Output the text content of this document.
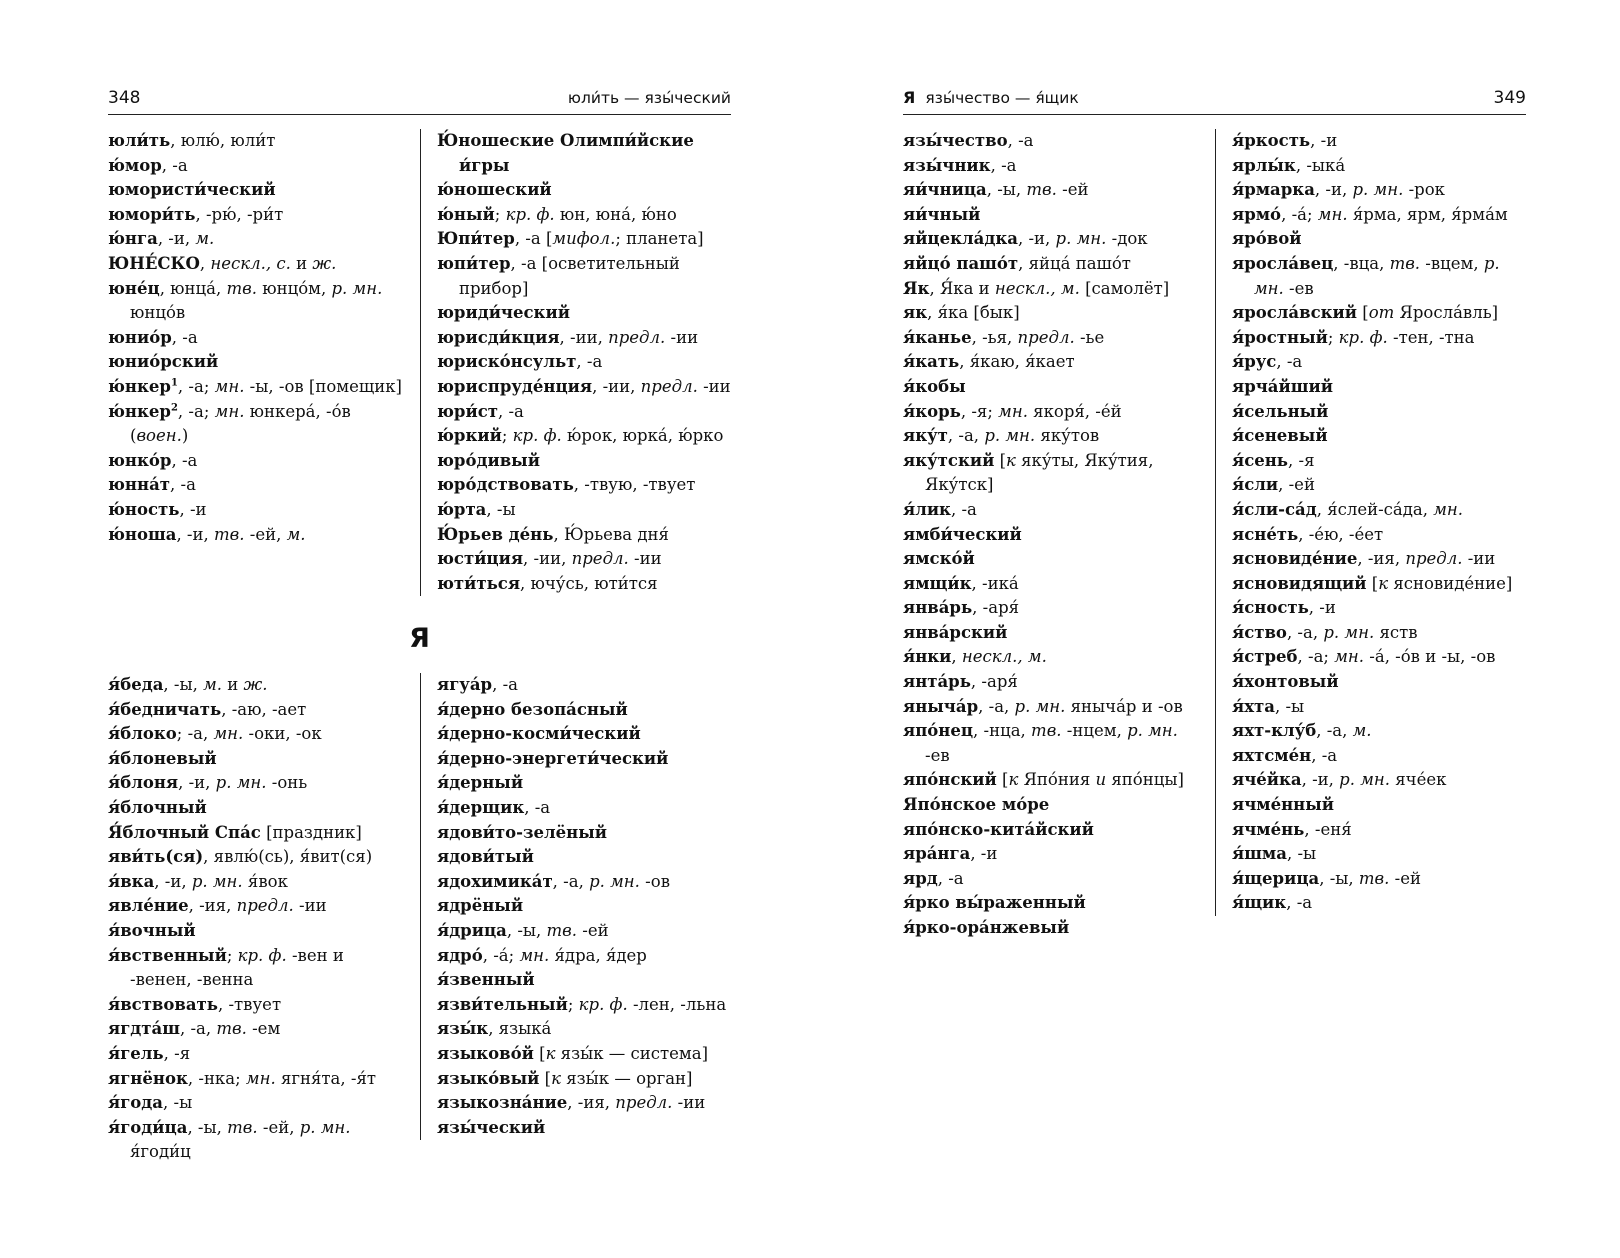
348	юли́ть — язы́ческий
юли́ть, юлю́, юли́т
ю́мор, -а
юмористи́ческий
юмори́ть, -рю́, -ри́т
ю́нга, -и, м.
ЮНЕ́СКО, нескл., с. и ж.
юне́ц, юнца́, тв. юнцо́м, р. мн. юнцо́в
юнио́р, -а
юнио́рский
ю́нкер$^1$, -а; мн. -ы, -ов [помещик]
ю́нкер$^2$, -а; мн. юнкера́, -о́в (воен.)
юнко́р, -а
юнна́т, -а
ю́ность, -и
ю́ноша, -и, тв. -ей, м.
Ю́ношеские Олимпи́йские и́гры
ю́ношеский
ю́ный; кр. ф. юн, юна́, ю́но
Юпи́тер, -а [мифол.; планета]
юпи́тер, -а [осветительный прибор]
юриди́ческий
юрисди́кция, -ии, предл. -ии
юриско́нсульт, -а
юриспруде́нция, -ии, предл. -ии
юри́ст, -а
ю́ркий; кр. ф. ю́рок, юрка́, ю́рко
юро́дивый
юро́дствовать, -твую, -твует
ю́рта, -ы
Ю́рьев де́нь, Ю́рьева дня́
юсти́ция, -ии, предл. -ии
юти́ться, ючу́сь, юти́тся
Я
я́беда, -ы, м. и ж.
я́бедничать, -аю, -ает
я́блоко; -а, мн. -оки, -ок
я́блоневый
я́блоня, -и, р. мн. -онь
я́блочный
Я́блочный Спа́с [праздник]
яви́ть(ся), явлю́(сь), я́вит(ся)
я́вка, -и, р. мн. я́вок
явле́ние, -ия, предл. -ии
я́вочный
я́вственный; кр. ф. -вен и -венен, -венна
я́вствовать, -твует
ягдта́ш, -а, тв. -ем
я́гель, -я
ягнёнок, -нка; мн. ягня́та, -я́т
я́года, -ы
я́годи́ца, -ы, тв. -ей, р. мн. я́годи́ц
ягуа́р, -а
я́дерно безопа́сный
я́дерно-косми́ческий
я́дерно-энергети́ческий
я́дерный
я́дерщик, -а
ядови́то-зелёный
ядови́тый
ядохимика́т, -а, р. мн. -ов
ядрёный
я́дрица, -ы, тв. -ей
ядро́, -а́; мн. я́дра, я́дер
я́звенный
язви́тельный; кр. ф. -лен, -льна
язы́к, языка́
языково́й [к язы́к — система]
языко́вый [к язы́к — орган]
языкозна́ние, -ия, предл. -ии
язы́ческий
Я язы́чество — я́щик	349
язы́чество, -а
язы́чник, -а
яи́чница, -ы, тв. -ей
яи́чный
яйцекла́дка, -и, р. мн. -док
яйцо́ пашо́т, яйца́ пашо́т
Як, Я́ка и нескл., м. [самолёт]
як, я́ка [бык]
я́канье, -ья, предл. -ье
я́кать, я́каю, я́кает
я́кобы
я́корь, -я; мн. якоря́, -е́й
яку́т, -а, р. мн. яку́тов
яку́тский [к яку́ты, Яку́тия, Яку́тск]
я́лик, -а
ямби́ческий
ямско́й
ямщи́к, -ика́
янва́рь, -аря́
янва́рский
я́нки, нескл., м.
янта́рь, -аря́
янычáр, -а, р. мн. янычáр и -ов
япо́нец, -нца, тв. -нцем, р. мн. -ев
япо́нский [к Япо́ния и япо́нцы]
Япо́нское мо́ре
япо́нско-кита́йский
яра́нга, -и
ярд, -а
я́рко вы́раженный
я́рко-ора́нжевый
я́ркость, -и
ярлы́к, -ыка́
я́рмарка, -и, р. мн. -рок
ярмо́, -а́; мн. я́рма, ярм, я́рма́м
яро́вой
яросла́вец, -вца, тв. -вцем, р. мн. -ев
яросла́вский [от Яросла́вль]
я́ростный; кр. ф. -тен, -тна
я́рус, -а
ярча́йший
я́сельный
я́сеневый
я́сень, -я
я́сли, -ей
я́сли-са́д, я́слей-са́да, мн.
ясне́ть, -е́ю, -е́ет
ясновиде́ние, -ия, предл. -ии
ясновидящий [к ясновиде́ние]
я́сность, -и
я́ство, -а, р. мн. яств
я́стреб, -а; мн. -а́, -о́в и -ы, -ов
я́хонтовый
я́хта, -ы
яхт-клу́б, -а, м.
яхтсме́н, -а
яче́йка, -и, р. мн. яче́ек
ячме́нный
ячме́нь, -еня́
я́шма, -ы
я́щерица, -ы, тв. -ей
я́щик, -а
